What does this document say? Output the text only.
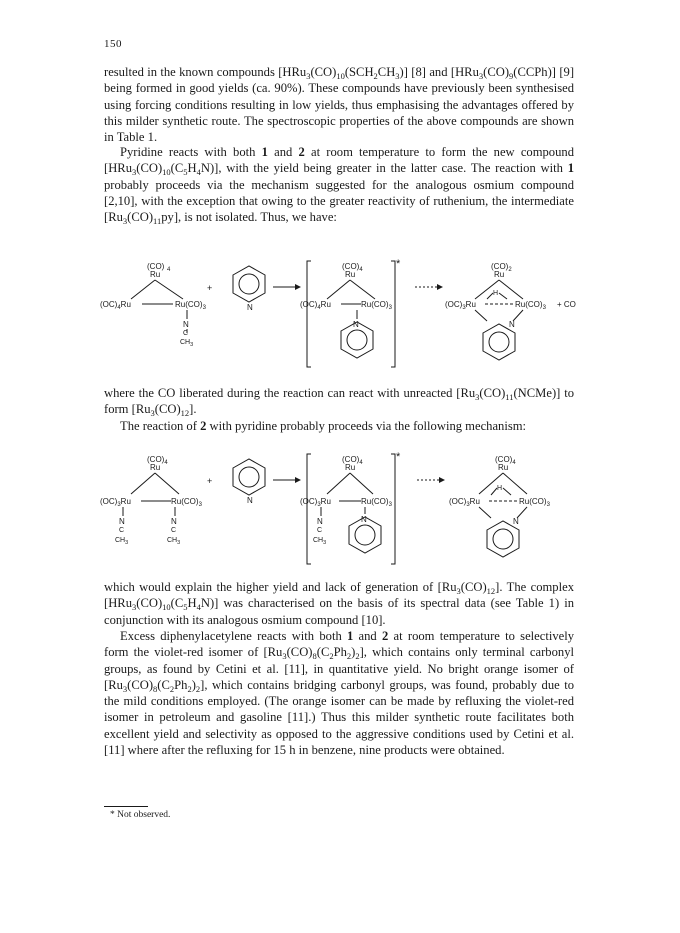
150
resulted in the known compounds $[HRu_3(CO)_{10}(SCH_2CH_3)]$ [8] and $[HRu_3(CO)_9(CCPh)]$ [9] being formed in good yields (ca. 90%). These compounds have previously been synthesised using forcing conditions resulting in low yields, thus emphasising the advantages offered by this milder synthetic route. The spectroscopic properties of the above compounds are shown in Table 1.
Pyridine reacts with both 1 and 2 at room temperature to form the new compound $[HRu_3(CO)_{10}(C_5H_4N)]$, with the yield being greater in the latter case. The reaction with 1 probably proceeds via the mechanism suggested for the analogous osmium compound [2,10], with the exception that owing to the greater reactivity of ruthenium, the intermediate $[Ru_3(CO)_{11}py]$, is not isolated. Thus, we have:
(CO) 4
Ru
$(OC)_4Ru$	$Ru(CO)_3$
N
C
$CH_3$
+
N
*
$(CO)_4$
Ru
$(OC)_4Ru$	$Ru(CO)_3$
N
$(CO)_2$
Ru
H
$(OC)_3Ru$	$Ru(CO)_3$
N
+ CO
where the CO liberated during the reaction can react with unreacted $[Ru_3(CO)_{11}(NCMe)]$ to form $[Ru_3(CO)_{12}]$.
The reaction of 2 with pyridine probably proceeds via the following mechanism:
$(CO)_4$
Ru
$(OC)_3Ru$	$Ru(CO)_3$
N	N
C	C
$CH_3$	$CH_3$
+
N
*
$(CO)_4$
Ru
$(OC)_3Ru$	$Ru(CO)_3$
N
C
$CH_3$
N
$(CO)_4$
Ru
H
$(OC)_3Ru$	$Ru(CO)_3$
N
which would explain the higher yield and lack of generation of $[Ru_3(CO)_{12}]$. The complex $[HRu_3(CO)_{10}(C_5H_4N)]$ was characterised on the basis of its spectral data (see Table 1) in conjunction with its analogous osmium compound [10].
Excess diphenylacetylene reacts with both 1 and 2 at room temperature to selectively form the violet-red isomer of $[Ru_3(CO)_8(C_2Ph_2)_2]$, which contains only terminal carbonyl groups, as found by Cetini et al. [11], in quantitative yield. No bright orange isomer of $[Ru_3(CO)_8(C_2Ph_2)_2]$, which contains bridging carbonyl groups, was found, probably due to the mild conditions employed. (The orange isomer can be made by refluxing the violet-red isomer in petroleum and gasoline [11].) Thus this milder synthetic route facilitates both excellent yield and selectivity as opposed to the aggressive conditions used by Cetini et al. [11] where after the refluxing for 15 h in benzene, nine products were obtained.
* Not observed.
